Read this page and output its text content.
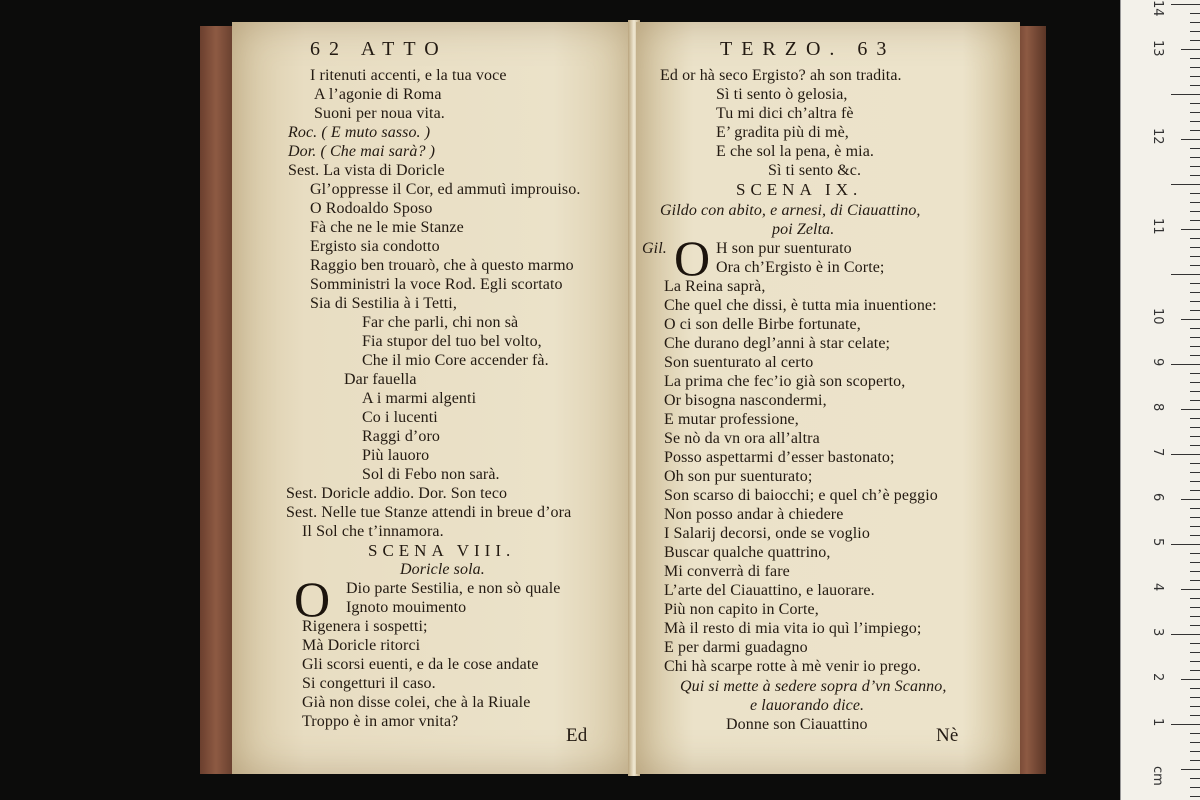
62 ATTO
I ritenuti accenti, e la tua voce
A l’agonie di Roma
Suoni per noua vita.
Roc. ( E muto sasso. )
Dor. ( Che mai sarà? )
Sest. La vista di Doricle
Gl’oppresse il Cor, ed ammutì improuiso.
O Rodoaldo Sposo
Fà che ne le mie Stanze
Ergisto sia condotto
Raggio ben trouarò, che à questo marmo
Somministri la voce Rod. Egli scortato
Sia di Sestilia à i Tetti,
Far che parli, chi non sà
Fia stupor del tuo bel volto,
Che il mio Core accender fà.
Dar fauella
A i marmi algenti
Co i lucenti
Raggi d’oro
Più lauoro
Sol di Febo non sarà.
Sest. Doricle addio. Dor. Son teco
Sest. Nelle tue Stanze attendi in breue d’ora
Il Sol che t’innamora.
SCENA VIII.
Doricle sola.
O Dio parte Sestilia, e non sò quale
Ignoto mouimento
Rigenera i sospetti;
Mà Doricle ritorci
Gli scorsi euenti, e da le cose andate
Si congetturi il caso.
Già non disse colei, che à la Riuale
Troppo è in amor vnita?
Ed
TERZO. 63
Ed or hà seco Ergisto? ah son tradita.
Sì ti sento ò gelosia,
Tu mi dici ch’altra fè
E’ gradita più di mè,
E che sol la pena, è mia.
Sì ti sento &c.
SCENA IX.
Gildo con abito, e arnesi, di Ciauattino,
poi Zelta.
Gil. O H son pur suenturato
Ora ch’Ergisto è in Corte;
La Reina saprà,
Che quel che dissi, è tutta mia inuentione:
O ci son delle Birbe fortunate,
Che durano degl’anni à star celate;
Son suenturato al certo
La prima che fec’io già son scoperto,
Or bisogna nascondermi,
E mutar professione,
Se nò da vn ora all’altra
Posso aspettarmi d’esser bastonato;
Oh son pur suenturato;
Son scarso di baiocchi; e quel ch’è peggio
Non posso andar à chiedere
I Salarij decorsi, onde se voglio
Buscar qualche quattrino,
Mi converrà di fare
L’arte del Ciauattino, e lauorare.
Più non capito in Corte,
Mà il resto di mia vita io quì l’impiego;
E per darmi guadagno
Chi hà scarpe rotte à mè venir io prego.
Qui si mette à sedere sopra d’vn Scanno,
e lauorando dice.
Donne son Ciauattino
Nè
cm
1
2
3
4
5
6
7
8
9
10
11
12
13
14
